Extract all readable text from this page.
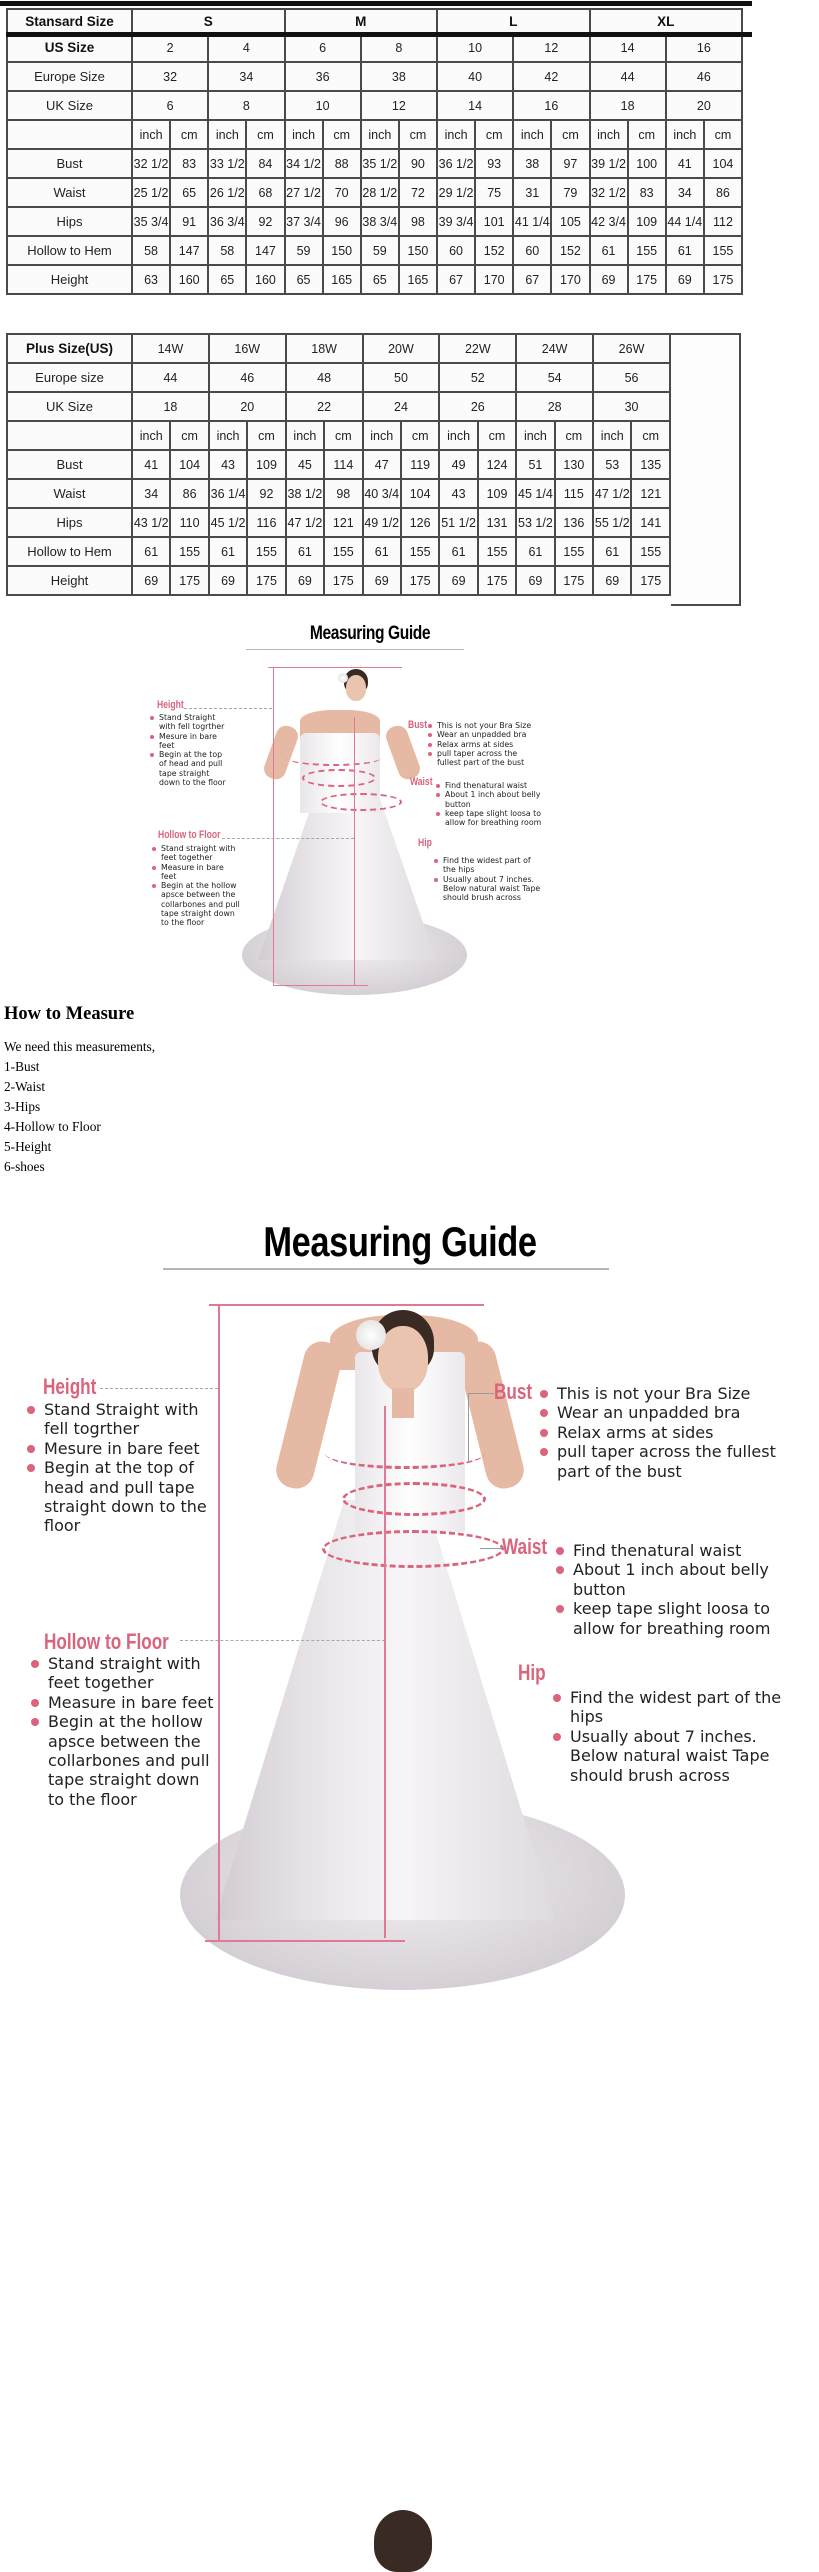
Stansard Size	S				M				L				XL			
US Size	2		4		6		8		10		12		14		16	
Europe Size	32		34		36		38		40		42		44		46	
UK Size	6		8		10		12		14		16		18		20	
	inch	cm	inch	cm	inch	cm	inch	cm	inch	cm	inch	cm	inch	cm	inch	cm
Bust	32 1/2	83	33 1/2	84	34 1/2	88	35 1/2	90	36 1/2	93	38	97	39 1/2	100	41	104
Waist	25 1/2	65	26 1/2	68	27 1/2	70	28 1/2	72	29 1/2	75	31	79	32 1/2	83	34	86
Hips	35 3/4	91	36 3/4	92	37 3/4	96	38 3/4	98	39 3/4	101	41 1/4	105	42 3/4	109	44 1/4	112
Hollow to Hem	58	147	58	147	59	150	59	150	60	152	60	152	61	155	61	155
Height	63	160	65	160	65	165	65	165	67	170	67	170	69	175	69	175
Plus Size(US)	14W		16W		18W		20W		22W		24W		26W	
Europe size	44		46		48		50		52		54		56	
UK Size	18		20		22		24		26		28		30	
	inch	cm	inch	cm	inch	cm	inch	cm	inch	cm	inch	cm	inch	cm
Bust	41	104	43	109	45	114	47	119	49	124	51	130	53	135
Waist	34	86	36 1/4	92	38 1/2	98	40 3/4	104	43	109	45 1/4	115	47 1/2	121
Hips	43 1/2	110	45 1/2	116	47 1/2	121	49 1/2	126	51 1/2	131	53 1/2	136	55 1/2	141
Hollow to Hem	61	155	61	155	61	155	61	155	61	155	61	155	61	155
Height	69	175	69	175	69	175	69	175	69	175	69	175	69	175
Measuring Guide
Height
Stand Straight with fell togrther
Mesure in bare feet
Begin at the top of head and pull tape straight down to the floor
Hollow to Floor
Stand straight with feet together
Measure in bare feet
Begin at the hollow apsce between the collarbones and pull tape straight down to the floor
Bust	This is not your Bra Size
Wear an unpadded bra
Relax arms at sides
pull taper across the fullest part of the bust
Waist	Find thenatural waist
About 1 inch about belly button
keep tape slight loosa to allow for breathing room
Hip
Find the widest part of the hips
Usually about 7 inches. Below natural waist Tape should brush across
How to Measure
We need this measurements,
1-Bust
2-Waist
3-Hips
4-Hollow to Floor
5-Height
6-shoes
Measuring Guide
Height
Stand Straight with fell togrther
Mesure in bare feet
Begin at the top of head and pull tape straight down to the floor
Hollow to Floor
Stand straight with feet together
Measure in bare feet
Begin at the hollow apsce between the collarbones and pull tape straight down to the floor
Bust	This is not your Bra Size
Wear an unpadded bra
Relax arms at sides
pull taper across the fullest part of the bust
Waist	Find thenatural waist
About 1 inch about belly button
keep tape slight loosa to allow for breathing room
Hip
Find the widest part of the hips
Usually about 7 inches. Below natural waist Tape should brush across
